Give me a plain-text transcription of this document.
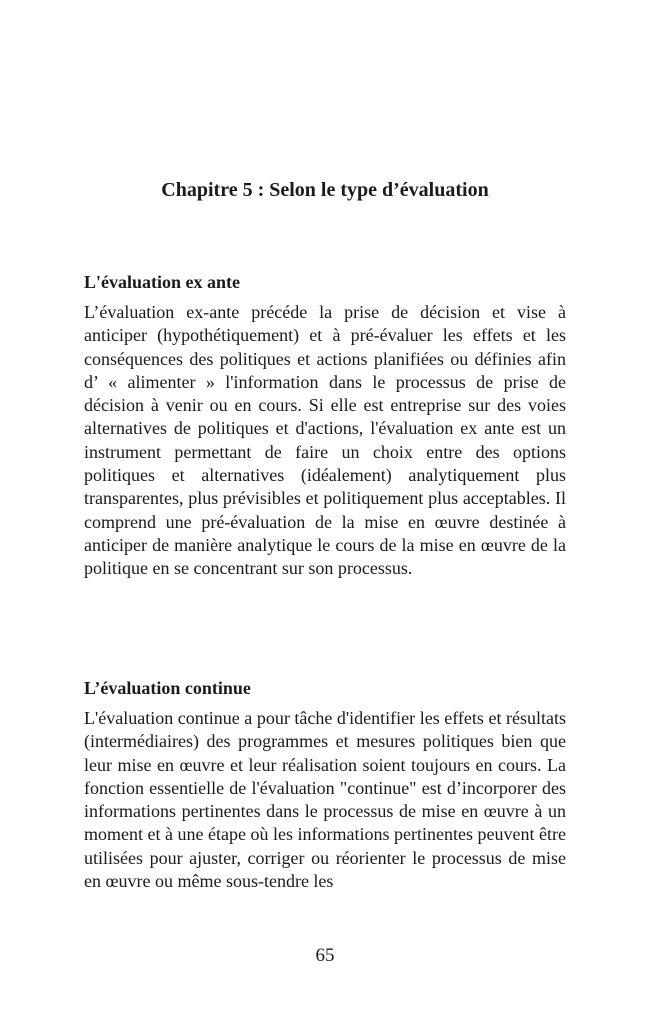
Chapitre 5 : Selon le type d’évaluation
L'évaluation ex ante

L’évaluation ex-ante précéde la prise de décision et vise à anticiper (hypothétiquement) et à pré-évaluer les effets et les conséquences des politiques et actions planifiées ou définies afin d’ « alimenter » l'information dans le processus de prise de décision à venir ou en cours. Si elle est entreprise sur des voies alternatives de politiques et d'actions, l'évaluation ex ante est un instrument permettant de faire un choix entre des options politiques et alternatives (idéalement) analytiquement plus transparentes, plus prévisibles et politiquement plus acceptables. Il comprend une pré-évaluation de la mise en œuvre destinée à anticiper de manière analytique le cours de la mise en œuvre de la politique en se concentrant sur son processus.

L’évaluation continue

L'évaluation continue a pour tâche d'identifier les effets et résultats (intermédiaires) des programmes et mesures politiques bien que leur mise en œuvre et leur réalisation soient toujours en cours. La fonction essentielle de l'évaluation "continue" est d’incorporer des informations pertinentes dans le processus de mise en œuvre à un moment et à une étape où les informations pertinentes peuvent être utilisées pour ajuster, corriger ou réorienter le processus de mise en œuvre ou même sous-tendre les

65
